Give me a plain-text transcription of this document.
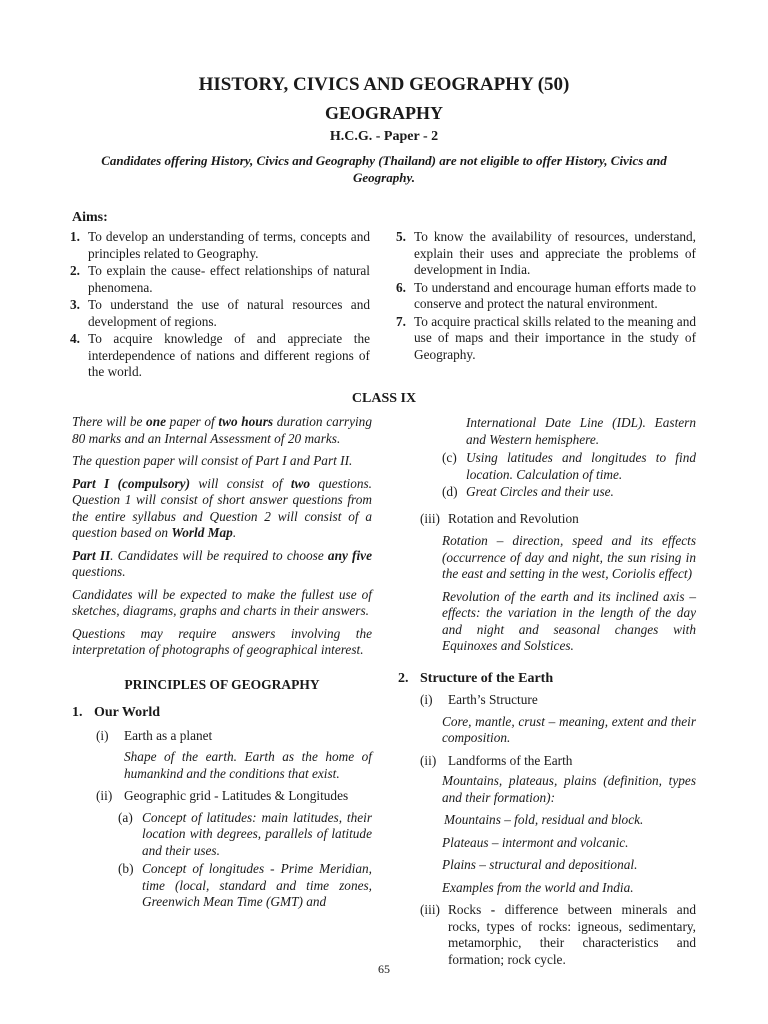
HISTORY, CIVICS AND GEOGRAPHY (50)
GEOGRAPHY
H.C.G. - Paper - 2
Candidates offering History, Civics and Geography (Thailand) are not eligible to offer History, Civics and Geography.
Aims:
1. To develop an understanding of terms, concepts and principles related to Geography.
2. To explain the cause- effect relationships of natural phenomena.
3. To understand the use of natural resources and development of regions.
4. To acquire knowledge of and appreciate the interdependence of nations and different regions of the world.
5. To know the availability of resources, understand, explain their uses and appreciate the problems of development in India.
6. To understand and encourage human efforts made to conserve and protect the natural environment.
7. To acquire practical skills related to the meaning and use of maps and their importance in the study of Geography.
CLASS IX
There will be one paper of two hours duration carrying 80 marks and an Internal Assessment of 20 marks.
The question paper will consist of Part I and Part II.
Part I (compulsory) will consist of two questions. Question 1 will consist of short answer questions from the entire syllabus and Question 2 will consist of a question based on World Map.
Part II. Candidates will be required to choose any five questions.
Candidates will be expected to make the fullest use of sketches, diagrams, graphs and charts in their answers.
Questions may require answers involving the interpretation of photographs of geographical interest.
PRINCIPLES OF GEOGRAPHY
1. Our World
(i)	Earth as a planet
Shape of the earth. Earth as the home of humankind and the conditions that exist.
(ii) Geographic grid - Latitudes & Longitudes
(a) Concept of latitudes: main latitudes, their location with degrees, parallels of latitude and their uses.
(b) Concept of longitudes - Prime Meridian, time (local, standard and time zones, Greenwich Mean Time (GMT) and
International Date Line (IDL). Eastern and Western hemisphere.
(c) Using latitudes and longitudes to find location. Calculation of time.
(d) Great Circles and their use.
(iii) Rotation and Revolution
Rotation – direction, speed and its effects (occurrence of day and night, the sun rising in the east and setting in the west, Coriolis effect)
Revolution of the earth and its inclined axis – effects: the variation in the length of the day and night and seasonal changes with Equinoxes and Solstices.
2. Structure of the Earth
(i)	Earth’s Structure
Core, mantle, crust – meaning, extent and their composition.
(ii) Landforms of the Earth
Mountains, plateaus, plains (definition, types and their formation):
Mountains – fold, residual and block.
Plateaus – intermont and volcanic.
Plains – structural and depositional.
Examples from the world and India.
(iii) Rocks - difference between minerals and rocks, types of rocks: igneous, sedimentary, metamorphic, their characteristics and formation; rock cycle.
65
